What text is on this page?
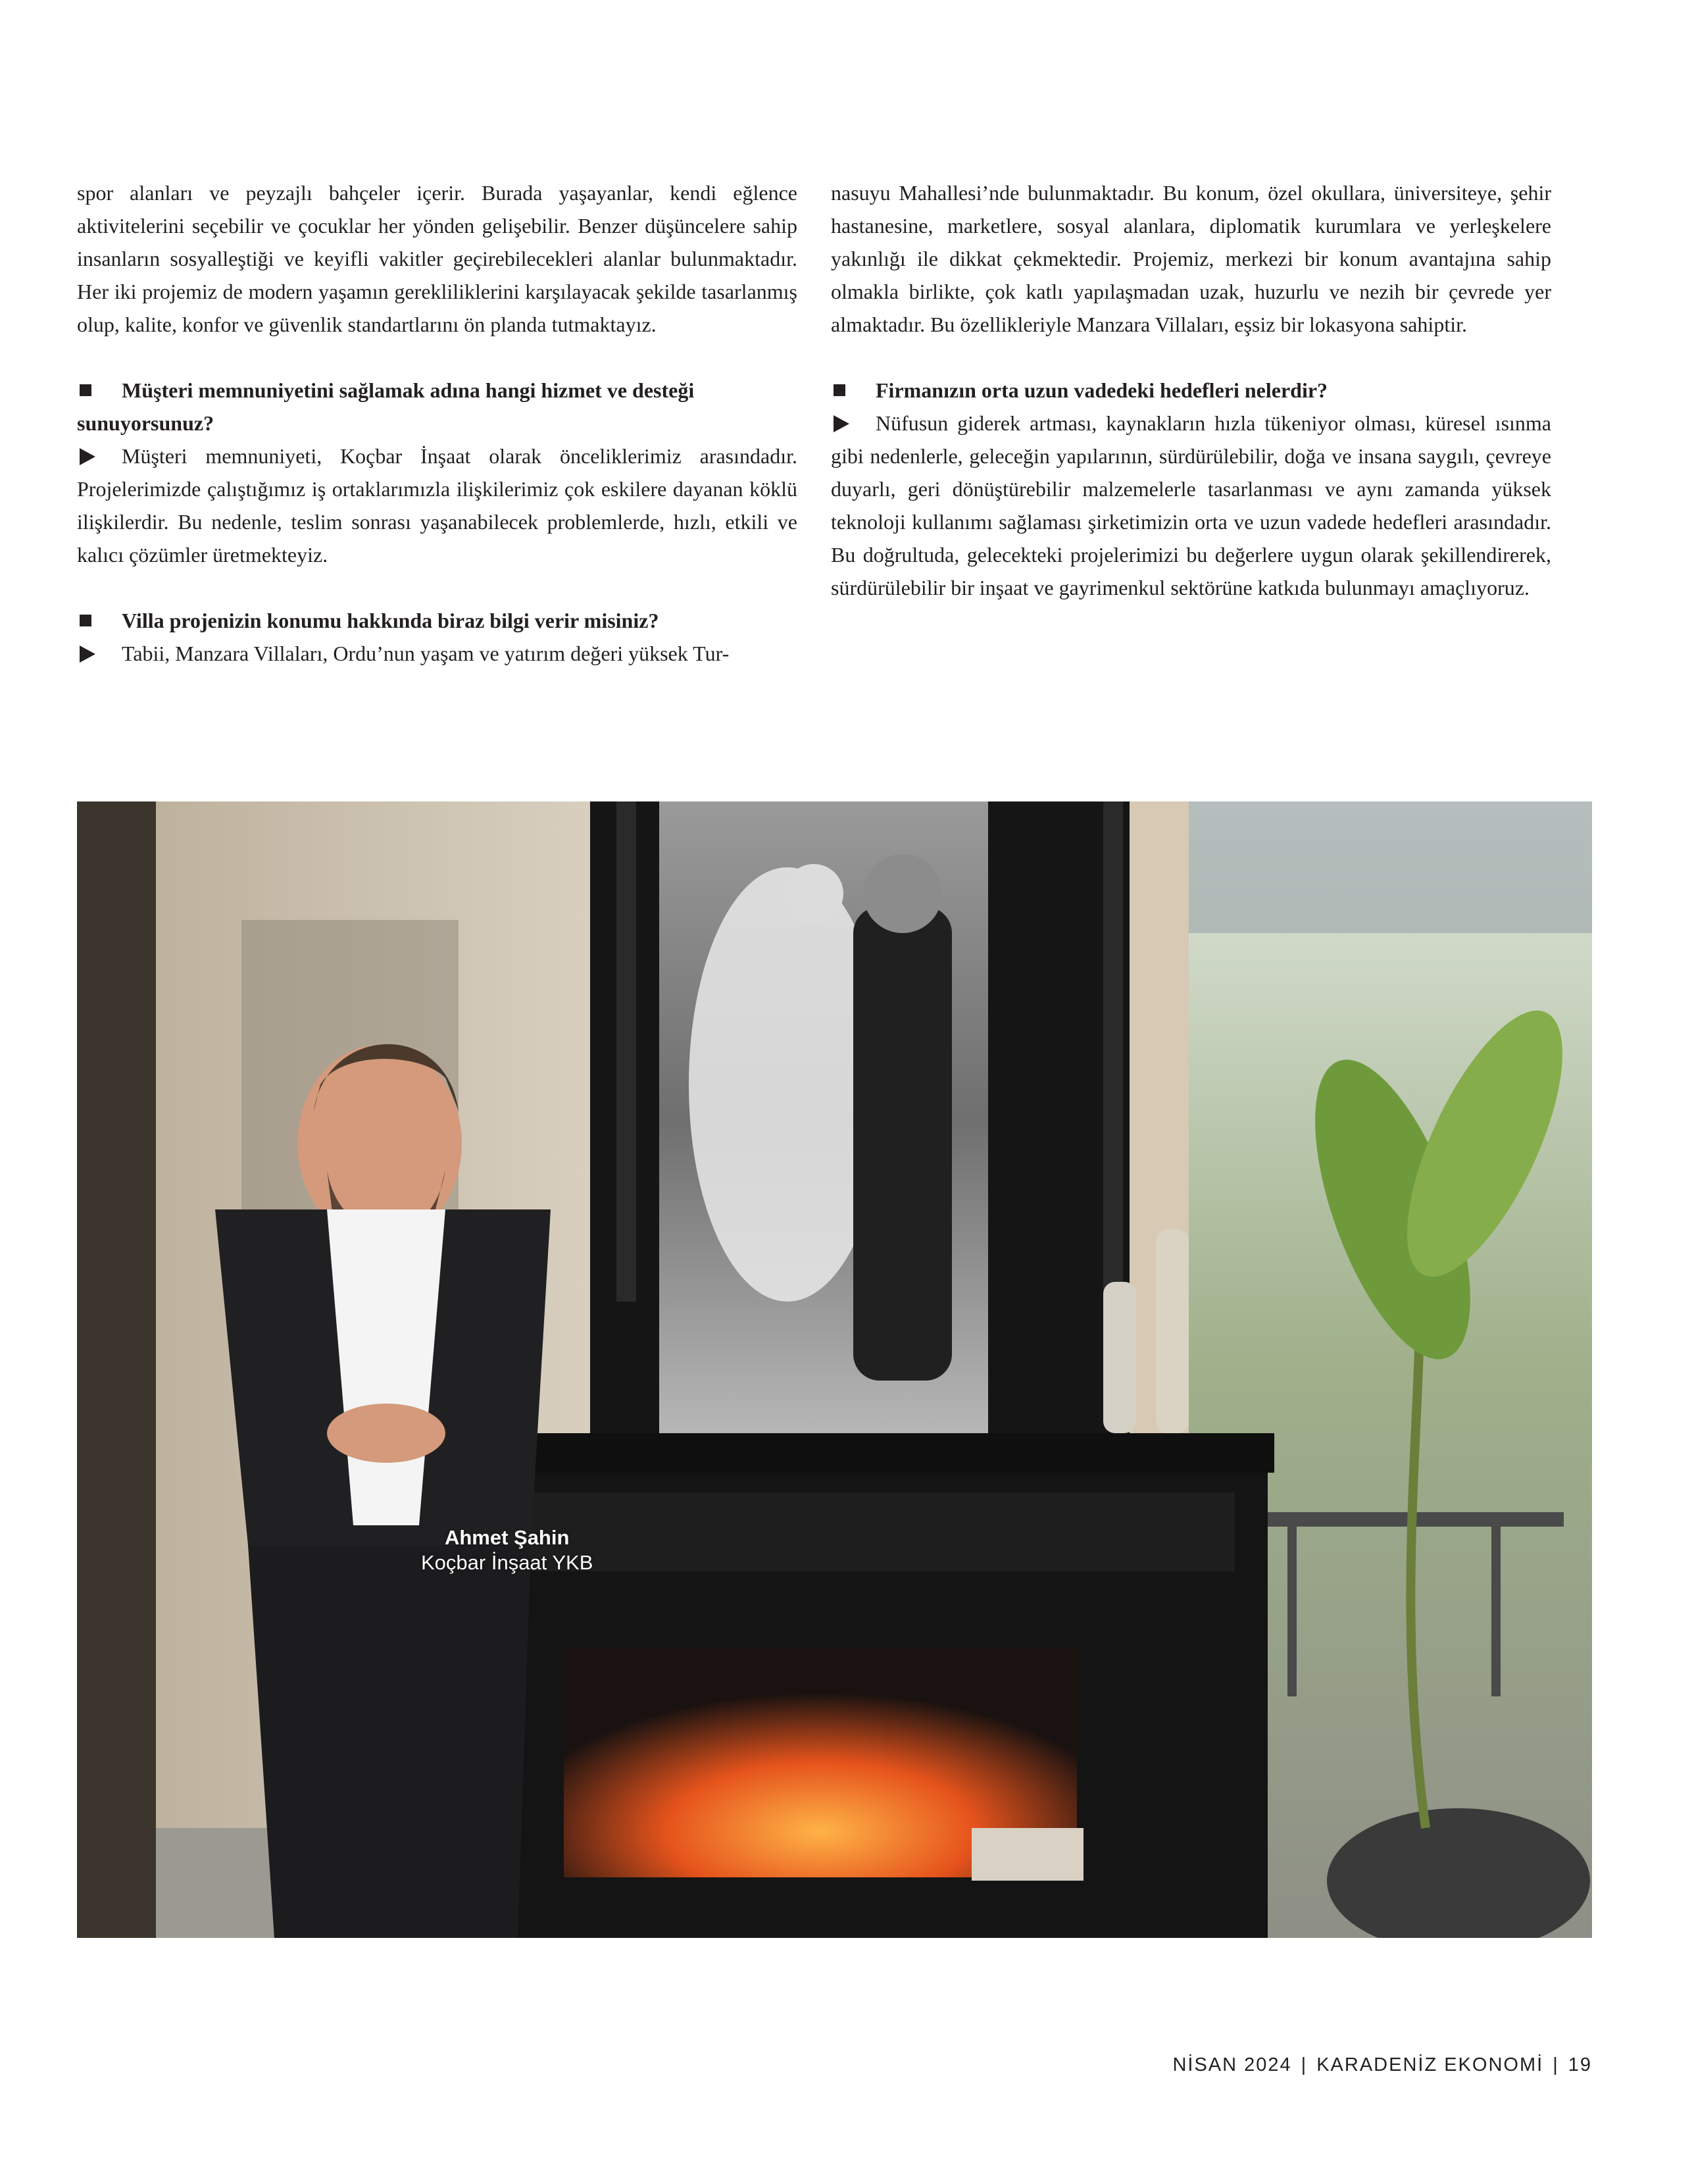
spor alanları ve peyzajlı bahçeler içerir. Burada yaşayanlar, kendi eğlence aktivitelerini seçebilir ve çocuklar her yönden gelişebilir. Benzer düşüncelere sahip insanların sosyalleştiği ve keyifli vakitler geçirebilecekleri alanlar bulunmaktadır. Her iki projemiz de modern yaşamın gerekliliklerini karşılayacak şekilde tasarlanmış olup, kalite, konfor ve güvenlik standartlarını ön planda tutmaktayız.

Müşteri memnuniyetini sağlamak adına hangi hizmet ve desteği sunuyorsunuz?

Müşteri memnuniyeti, Koçbar İnşaat olarak önceliklerimiz arasındadır. Projelerimizde çalıştığımız iş ortaklarımızla ilişkilerimiz çok eskilere dayanan köklü ilişkilerdir. Bu nedenle, teslim sonrası yaşanabilecek problemlerde, hızlı, etkili ve kalıcı çözümler üretmekteyiz.

Villa projenizin konumu hakkında biraz bilgi verir misiniz?

Tabii, Manzara Villaları, Ordu’nun yaşam ve yatırım değeri yüksek Tur-

nasuyu Mahallesi’nde bulunmaktadır. Bu konum, özel okullara, üniversiteye, şehir hastanesine, marketlere, sosyal alanlara, diplomatik kurumlara ve yerleşkelere yakınlığı ile dikkat çekmektedir. Projemiz, merkezi bir konum avantajına sahip olmakla birlikte, çok katlı yapılaşmadan uzak, huzurlu ve nezih bir çevrede yer almaktadır. Bu özellikleriyle Manzara Villaları, eşsiz bir lokasyona sahiptir.

Firmanızın orta uzun vadedeki hedefleri nelerdir?

Nüfusun giderek artması, kaynakların hızla tükeniyor olması, küresel ısınma gibi nedenlerle, geleceğin yapılarının, sürdürülebilir, doğa ve insana saygılı, çevreye duyarlı, geri dönüştürebilir malzemelerle tasarlanması ve aynı zamanda yüksek teknoloji kullanımı sağlaması şirketimizin orta ve uzun vadede hedefleri arasındadır. Bu doğrultuda, gelecekteki projelerimizi bu değerlere uygun olarak şekillendirerek, sürdürülebilir bir inşaat ve gayrimenkul sektörüne katkıda bulunmayı amaçlıyoruz.

Ahmet Şahin
Koçbar İnşaat YKB
NİSAN 2024 | KARADENİZ EKONOMİ | 19
